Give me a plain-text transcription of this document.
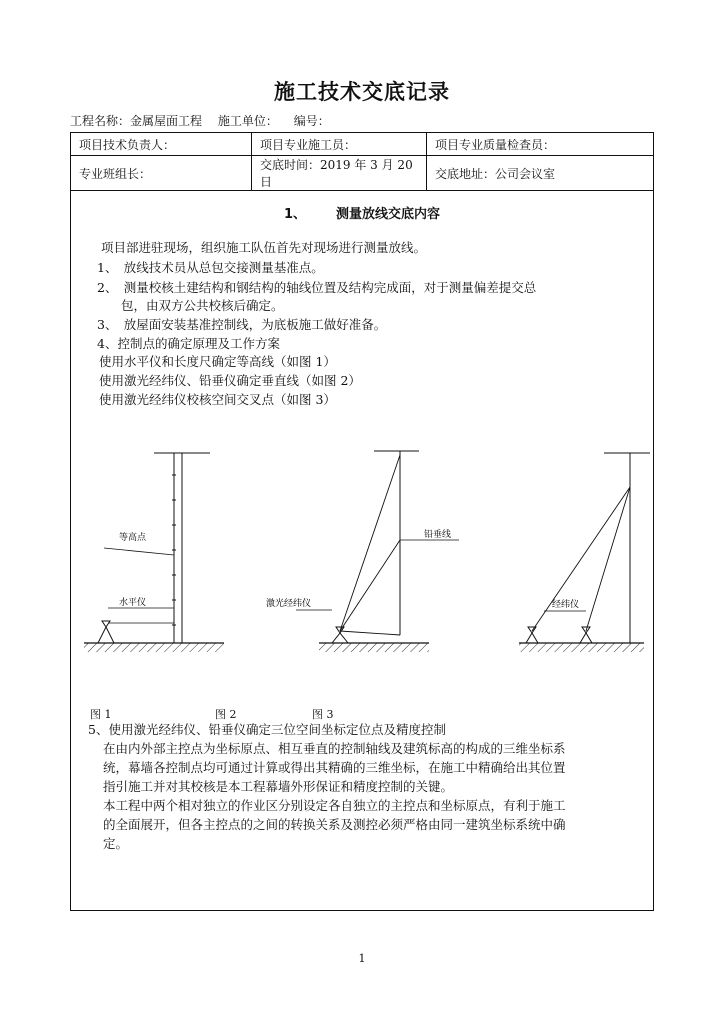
施工技术交底记录
工程名称：金属屋面工程 施工单位： 编号：
项目技术负责人：	项目专业施工员：	项目专业质量检查员：
专业班组长：	交底时间：2019 年 3 月 20 日	交底地址：公司会议室
1、 测量放线交底内容
项目部进驻现场，组织施工队伍首先对现场进行测量放线。
1、　放线技术员从总包交接测量基准点。
2、　测量校核土建结构和钢结构的轴线位置及结构完成面，对于测量偏差提交总
包，由双方公共校核后确定。
3、　放屋面安装基准控制线，为底板施工做好准备。
4、控制点的确定原理及工作方案
使用水平仪和长度尺确定等高线（如图 1）
使用激光经纬仪、铅垂仪确定垂直线（如图 2）
使用激光经纬仪校核空间交叉点（如图 3）
等高点
水平仪	激光经纬仪
铅垂线
经纬仪
图 1	图 2	图 3
5、使用激光经纬仪、铅垂仪确定三位空间坐标定位点及精度控制
在由内外部主控点为坐标原点、相互垂直的控制轴线及建筑标高的构成的三维坐标系
统，幕墙各控制点均可通过计算或得出其精确的三维坐标，在施工中精确给出其位置
指引施工并对其校核是本工程幕墙外形保证和精度控制的关键。
本工程中两个相对独立的作业区分别设定各自独立的主控点和坐标原点，有利于施工
的全面展开，但各主控点的之间的转换关系及测控必须严格由同一建筑坐标系统中确
定。
1
